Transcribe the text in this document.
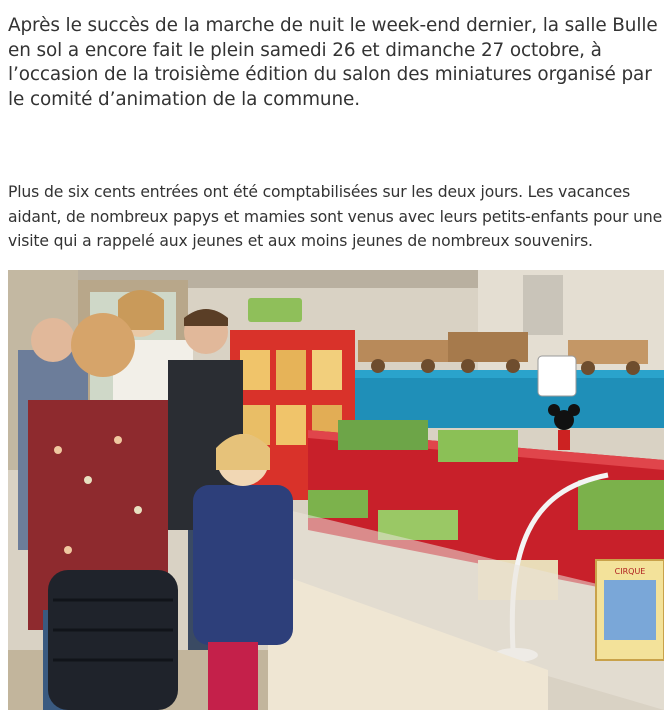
Après le succès de la marche de nuit le week-end dernier, la salle Bulle en sol a encore fait le plein samedi 26 et dimanche 27 octobre, à l’occasion de la troisième édition du salon des miniatures organisé par le comité d’animation de la commune.

Plus de six cents entrées ont été comptabilisées sur les deux jours. Les vacances aidant, de nombreux papys et mamies sont venus avec leurs petits-enfants pour une visite qui a rappelé aux jeunes et aux moins jeunes de nombreux souvenirs.

CIRQUE
